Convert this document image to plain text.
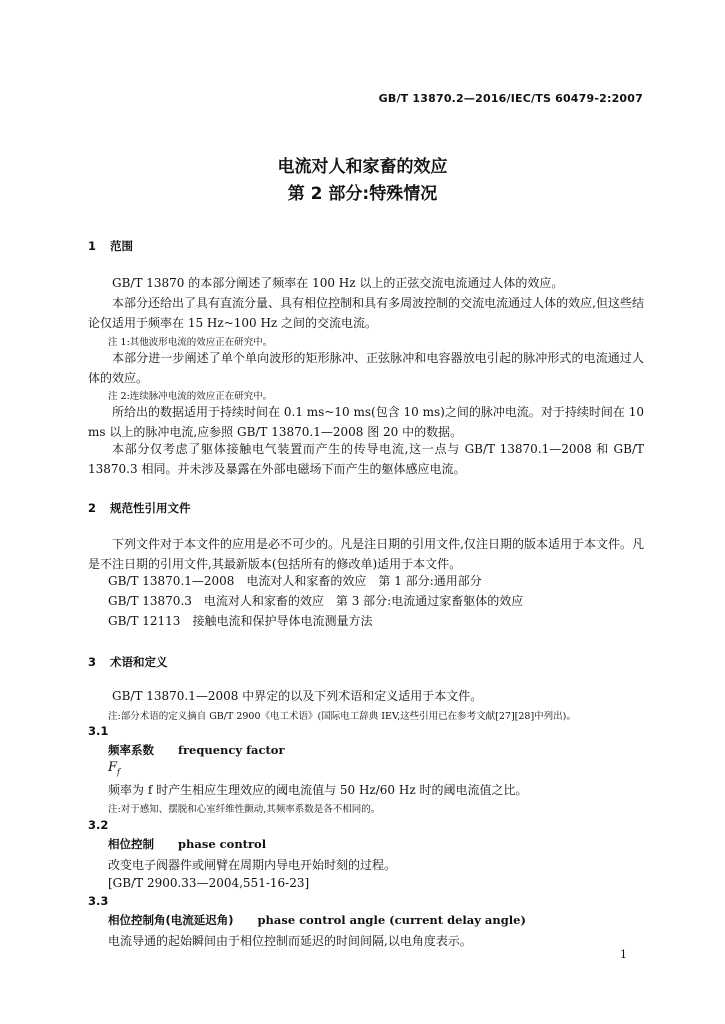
GB/T 13870.2—2016/IEC/TS 60479-2:2007
电流对人和家畜的效应
第 2 部分:特殊情况
1 范围
GB/T 13870 的本部分阐述了频率在 100 Hz 以上的正弦交流电流通过人体的效应。
本部分还给出了具有直流分量、具有相位控制和具有多周波控制的交流电流通过人体的效应,但这些结论仅适用于频率在 15 Hz~100 Hz 之间的交流电流。
注 1:其他波形电流的效应正在研究中。
本部分进一步阐述了单个单向波形的矩形脉冲、正弦脉冲和电容器放电引起的脉冲形式的电流通过人体的效应。
注 2:连续脉冲电流的效应正在研究中。
所给出的数据适用于持续时间在 0.1 ms~10 ms(包含 10 ms)之间的脉冲电流。对于持续时间在 10 ms 以上的脉冲电流,应参照 GB/T 13870.1—2008 图 20 中的数据。
本部分仅考虑了躯体接触电气装置而产生的传导电流,这一点与 GB/T 13870.1—2008 和 GB/T 13870.3 相同。并未涉及暴露在外部电磁场下而产生的躯体感应电流。
2 规范性引用文件
下列文件对于本文件的应用是必不可少的。凡是注日期的引用文件,仅注日期的版本适用于本文件。凡是不注日期的引用文件,其最新版本(包括所有的修改单)适用于本文件。
GB/T 13870.1—2008　电流对人和家畜的效应　第 1 部分:通用部分
GB/T 13870.3　电流对人和家畜的效应　第 3 部分:电流通过家畜躯体的效应
GB/T 12113　接触电流和保护导体电流测量方法
3 术语和定义
GB/T 13870.1—2008 中界定的以及下列术语和定义适用于本文件。
注:部分术语的定义摘自 GB/T 2900《电工术语》(国际电工辞典 IEV,这些引用已在参考文献[27][28]中列出)。
3.1
频率系数 frequency factor
$F_f$
频率为 f 时产生相应生理效应的阈电流值与 50 Hz/60 Hz 时的阈电流值之比。
注:对于感知、摆脱和心室纤维性颤动,其频率系数是各不相同的。
3.2
相位控制 phase control
改变电子阀器件或闸臂在周期内导电开始时刻的过程。
[GB/T 2900.33—2004,551-16-23]
3.3
相位控制角(电流延迟角) phase control angle (current delay angle)
电流导通的起始瞬间由于相位控制而延迟的时间间隔,以电角度表示。
1
